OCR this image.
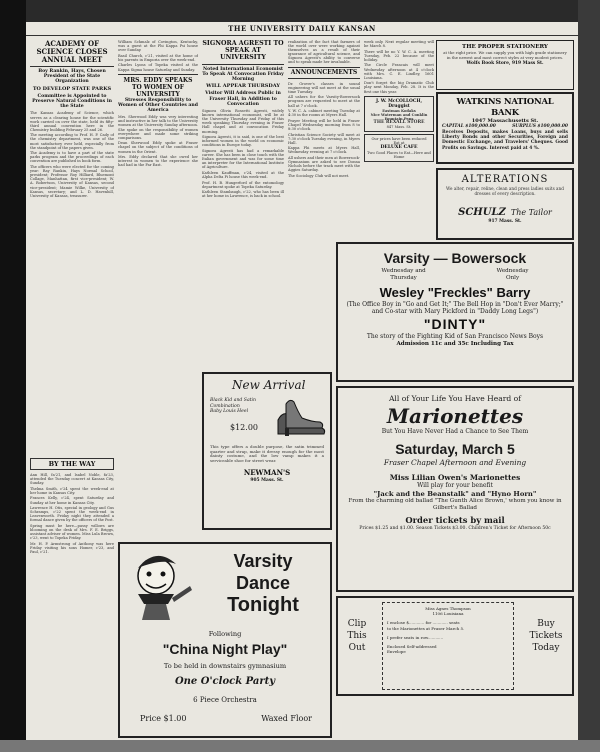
THE UNIVERSITY DAILY KANSAN
ACADEMY OF SCIENCE CLOSES ANNUAL MEET
Boy Rankin, Hays, Chosen President of the State Organization
TO DEVELOP STATE PARKS
Committee is Appointed to Preserve Natural Conditions in the State

The Kansas Academy of Science, which serves as a clearing house for the scientific work carried on over the state, held its fifty-third annual convention here in the Chemistry building February 25 and 26.

The meeting according to Prof. H. P. Cady of the chemistry department, was one of the most satisfactory ever held, especially from the standpoint of the papers given.

The Academy is to have a part of the state parks program and the proceedings of each convention are published in book form.

The officers who were elected for the coming year: Ray Rankin, Hays Normal School, president; Professor Roy Hilliard, Bluemont Collage, Manhattan, first vice-president; W. A. Robertson, University of Kansas, second vice-president; Mamie Wilke, University of Kansas, secretary; and L. D. Havenhill, University of Kansas, treasurer.

BY THE WAY

Ann Hill, fa'21, and Isabel Noble, fa'23, attended the Tuesday concert at Kansas City, Sunday.

Thelma Smith, c'24 spent the week-end at her home in Kansas City.

Frances Kelly, c'24, spent Saturday and Sunday at her home in Kansas City.

Lawrence H. Otis, special in geology and Gus Schramps, c'22 spent the week-end in Leavenworth. Friday night they attended a formal dance given by the officers of the Post.

Spring must be here—pussy willows are blooming on the desk of Mrs. F. E. Briggs, assistant adviser of women. Miss Lula Brown, c'23, went to Topeka Friday.

Mr. H. P. Armstrong of Anthony was here Friday visiting his sons Homer, c'23, and Paul, c'21.

William Schmalz of Covington, Kentucky, was a guest at the Phi Kappa Psi house over Sunday.

Basil Church, c'21, visited at the home of his parents in Emporia over the week-end.

Charles Lyons of Topeka visited at the Kappa Sigma house Saturday and Sunday.

MRS. EDDY SPEAKS TO WOMEN OF UNIVERSITY
Stresses Responsibility to Women of Other Countries and America

Mrs. Sherwood Eddy was very interesting and instructive in her talk to the University women at the University Sunday afternoon. She spoke on the responsibility of women everywhere and made some striking comparisons.

Dean Sherwood Eddy spoke at Fraser chapel on the subject of the conditions of women in the Orient.

Mrs. Eddy declared that she owed her interest in women to the experience she had had in the Far East.

SIGNORA AGRESTI TO SPEAK AT UNIVERSITY
Noted International Economist To Speak At Convocation Friday Morning
WILL APPEAR THURSDAY
Visitor Will Address Public in Fraser Hall, in Addition to Convocation

Signora Olivia Rossetti Agresti, widely known international economist, will be at the University Thursday and Friday of this week speaking Thursday evening in Fraser Hall chapel and at convocation Friday morning.

Signora Agresti, it is said, is one of the best informed women in the world on economic conditions in Europe today.

Signora Agresti has had a remarkable career. She has been in close touch with the Italian government and was for some time an interpreter for the International Institute of Agriculture.

Kathleen Kauffman, c'24, visited at the Alpha Delta Pi house this week-end.

Prof. H. B. Hungerford of the entomology department spoke at Topeka Saturday.

Kathleen Stambaugh, c'22, who has been ill at her home in Lawrence, is back in school.

realization of the fact that farmers of the world over were working against themselves as a result of their ignorance of agricultural science, and Signora Agresti's ability to converse and to speak made her invaluable.

ANNOUNCEMENTS

Dr. Grover's classes in sound engineering will not meet at the usual time Tuesday.

All ushers for the Varsity-Bowersock program are requested to meet at the hall at 7 o'clock.

Y. W. C. A. cabinet meeting Tuesday at 4:30 in the rooms at Myers Hall.

Prayer Meeting will be held in Fraser Chapel Wednesday morning from 8 to 8:30 o'clock.

Christian Science Society will meet at 7:30 o'clock Tuesday evening, in Myers Hall.

Kappa Phi meets at Myers Hall, Wednesday evening at 7 o'clock.

All ushers and their men at Bowersock-Gymnasium are asked to see Donna Nichols before the track meet with the Aggies Saturday.

The Sociology Club will not meet.

week only. Next regular meeting will be March 8.

There will be no Y. W. C. A. meeting Tuesday, Feb. 22 because of the holiday.

The Circle Francais will meet Wednesday afternoon at 4 o'clock with Mrs. C. E. Lindley, 1601 Louisiana.

Don't forget the big Dramatic Club play next Monday, Feb. 28. It is the first one this year.

J. W. McCOLLOCH, Druggist
Eastman Kodaks
Nice Waterman and Conklin Fountain Pens
THE REXALL STORE
847 Mass. St.
Our prices have been reduced
Eat at
DELUXE CAFE
Two Good Places to Eat—Here and Home
THE PROPER STATIONERY
at the right price. We can supply you with high grade stationery in the newest and most correct styles at very modest prices.
Wolfs Book Store, 919 Mass St.
WATKINS NATIONAL BANK
1047 Massachusetts St.
CAPITAL $100,000.00	SURPLUS $100,000.00
Receives Deposits, makes Loans, buys and sells Liberty Bonds and other Securities, Foreign and Domestic Exchange, and Travelers' Cheques. Good Profits on Savings. Interest paid at 4 %.
ALTERATIONS
We alter, repair, reline, clean and press ladies suits and dresses of every description.
SCHULZ The Tailor
917 Mass. St.
Varsity — Bowersock
Wednesday and
Thursday
Wednesday
Only
Wesley "Freckles" Barry
(The Office Boy in "Go and Get It;" The Bell Hop in "Don't Ever Marry;" and Co-star with Mary Pickford in "Daddy Long Legs")
"DINTY"
The story of the Fighting Kid of San Francisco News Boys
Admission 11c and 35c Including Tax
New Arrival
Black Kid and Satin
Combination
Baby Louis Heel
$12.00
This type offers a double purpose, the satin trimmed quarter and strap, make it dressy enough for the most dainty costume, and the low vamp makes it a serviceable shoe for street wear.
NEWMAN'S
905 Mass. St.
All of Your Life You Have Heard of
Marionettes
But You Have Never Had a Chance to See Them
Saturday, March 5
Fraser Chapel Afternoon and Evening
Miss Lilian Owen's Marionettes
Will play for your benefit
"Jack and the Beanstalk" and "Hyno Horn"
From the charming old ballad "The Gunth Alice Brown,' whom you know in Gilbert's Ballad
Order tickets by mail
Prices $1.25 and $1.00. Season Tickets $3.00. Children's Ticket for Afternoon 50c
Clip
This
Out
Miss Agnes Thompson
1106 Louisiana
I enclose $............ for ............ seats
to the Marionettes at Fraser March 5.
I prefer seats in row............
Enclosed Self-addressed
Envelope
Buy
Tickets
Today
Varsity
Dance
Tonight
Following
"China Night Play"
To be held in downstairs gymnasium
One O'clock Party
6 Piece Orchestra
Price $1.00	Waxed Floor
